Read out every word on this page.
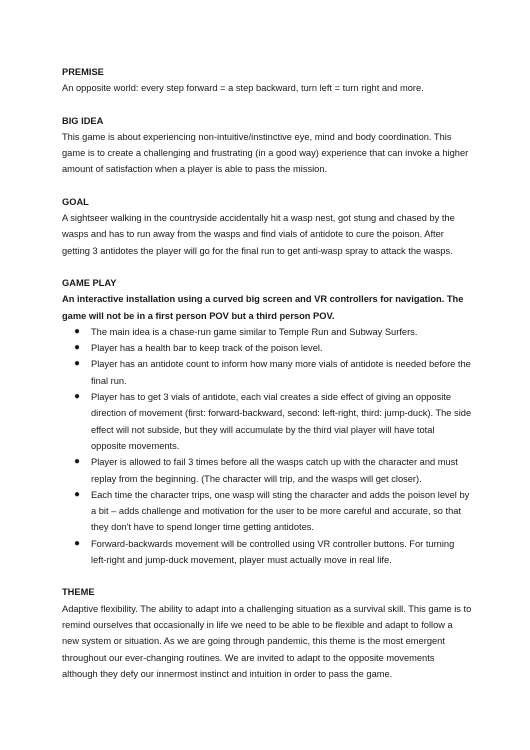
PREMISE

An opposite world: every step forward = a step backward, turn left = turn right and more.

BIG IDEA

This game is about experiencing non-intuitive/instinctive eye, mind and body coordination. This game is to create a challenging and frustrating (in a good way) experience that can invoke a higher amount of satisfaction when a player is able to pass the mission.

GOAL

A sightseer walking in the countryside accidentally hit a wasp nest, got stung and chased by the wasps and has to run away from the wasps and find vials of antidote to cure the poison. After getting 3 antidotes the player will go for the final run to get anti-wasp spray to attack the wasps.

GAME PLAY

An interactive installation using a curved big screen and VR controllers for navigation. The game will not be in a first person POV but a third person POV.

● The main idea is a chase-run game similar to Temple Run and Subway Surfers.
● Player has a health bar to keep track of the poison level.
● Player has an antidote count to inform how many more vials of antidote is needed before the final run.
● Player has to get 3 vials of antidote, each vial creates a side effect of giving an opposite direction of movement (first: forward-backward, second: left-right, third: jump-duck). The side effect will not subside, but they will accumulate by the third vial player will have total opposite movements.
● Player is allowed to fail 3 times before all the wasps catch up with the character and must replay from the beginning. (The character will trip, and the wasps will get closer).
● Each time the character trips, one wasp will sting the character and adds the poison level by a bit – adds challenge and motivation for the user to be more careful and accurate, so that they don't have to spend longer time getting antidotes.
● Forward-backwards movement will be controlled using VR controller buttons. For turning left-right and jump-duck movement, player must actually move in real life.

THEME

Adaptive flexibility. The ability to adapt into a challenging situation as a survival skill. This game is to remind ourselves that occasionally in life we need to be able to be flexible and adapt to follow a new system or situation. As we are going through pandemic, this theme is the most emergent throughout our ever-changing routines. We are invited to adapt to the opposite movements although they defy our innermost instinct and intuition in order to pass the game.
